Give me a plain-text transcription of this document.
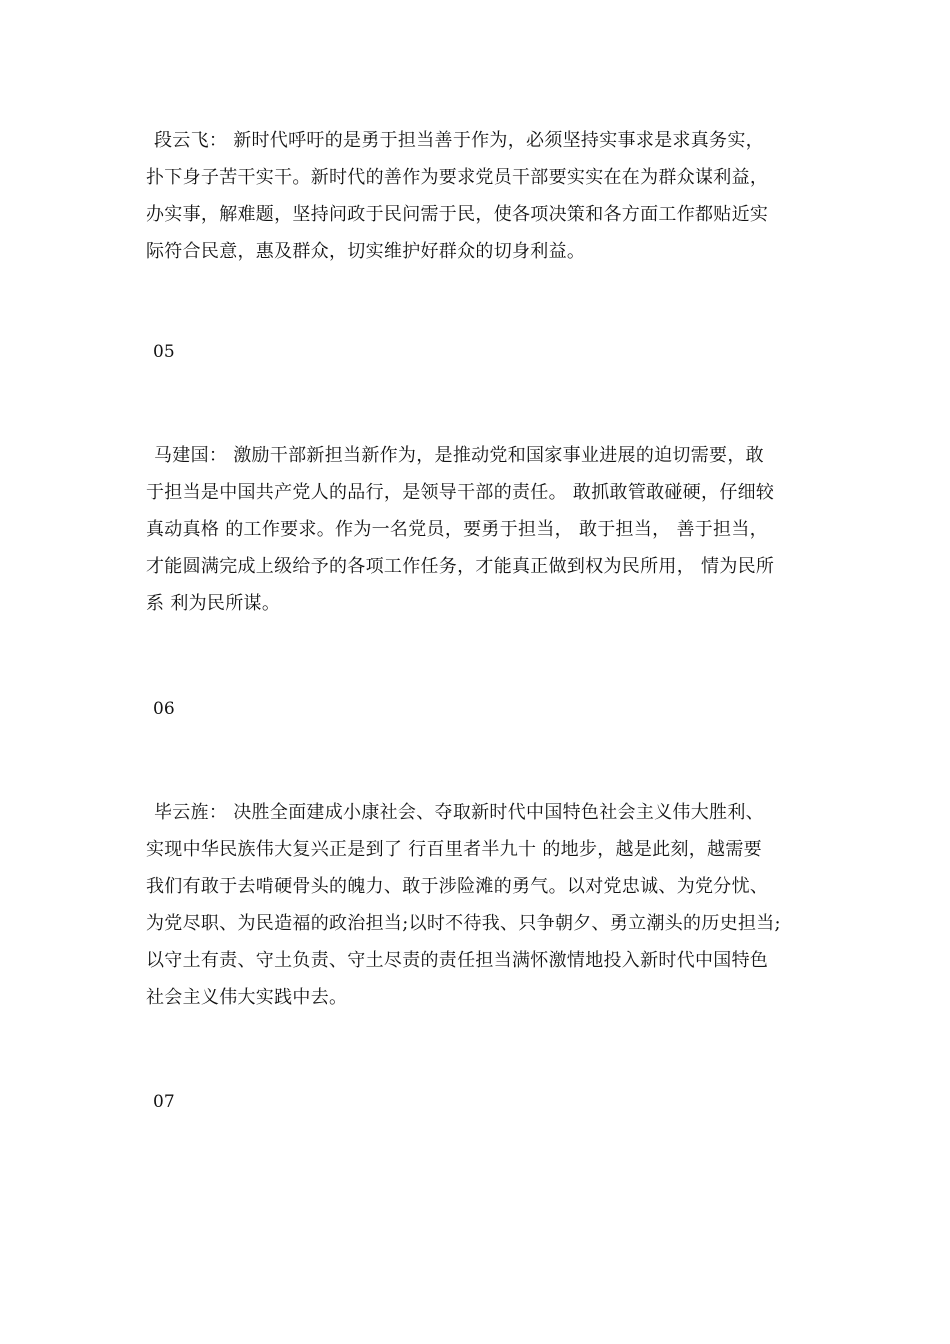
段云飞： 新时代呼吁的是勇于担当善于作为，必须坚持实事求是求真务实，
扑下身子苦干实干。新时代的善作为要求党员干部要实实在在为群众谋利益，
办实事，解难题，坚持问政于民问需于民，使各项决策和各方面工作都贴近实
际符合民意，惠及群众，切实维护好群众的切身利益。

05

马建国： 激励干部新担当新作为，是推动党和国家事业进展的迫切需要，敢
于担当是中国共产党人的品行，是领导干部的责任。 敢抓敢管敢碰硬，仔细较
真动真格 的工作要求。作为一名党员，要勇于担当， 敢于担当， 善于担当，
才能圆满完成上级给予的各项工作任务，才能真正做到权为民所用， 情为民所
系 利为民所谋。

06

毕云旌： 决胜全面建成小康社会、夺取新时代中国特色社会主义伟大胜利、
实现中华民族伟大复兴正是到了 行百里者半九十 的地步，越是此刻，越需要
我们有敢于去啃硬骨头的魄力、敢于涉险滩的勇气。以对党忠诚、为党分忧、
为党尽职、为民造福的政治担当;以时不待我、只争朝夕、勇立潮头的历史担当;
以守土有责、守土负责、守土尽责的责任担当满怀激情地投入新时代中国特色
社会主义伟大实践中去。

07
